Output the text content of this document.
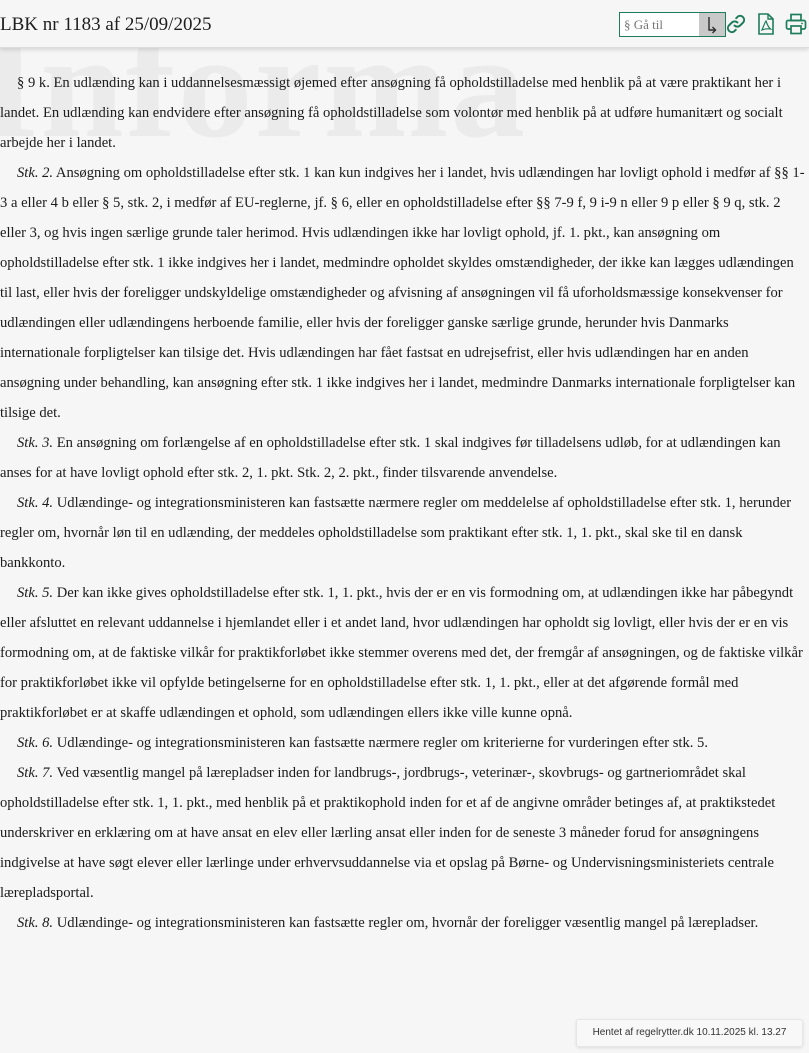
LBK nr 1183 af 25/09/2025
§ Gå til

§ 9 k. En udlænding kan i uddannelsesmæssigt øjemed efter ansøgning få opholdstilladelse med henblik på at være praktikant her i landet. En udlænding kan endvidere efter ansøgning få opholdstilladelse som volontør med henblik på at udføre humanitært og socialt arbejde her i landet.

Stk. 2. Ansøgning om opholdstilladelse efter stk. 1 kan kun indgives her i landet, hvis udlændingen har lovligt ophold i medfør af §§ 1-3 a eller 4 b eller § 5, stk. 2, i medfør af EU-reglerne, jf. § 6, eller en opholdstilladelse efter §§ 7-9 f, 9 i-9 n eller 9 p eller § 9 q, stk. 2 eller 3, og hvis ingen særlige grunde taler herimod. Hvis udlændingen ikke har lovligt ophold, jf. 1. pkt., kan ansøgning om opholdstilladelse efter stk. 1 ikke indgives her i landet, medmindre opholdet skyldes omstændigheder, der ikke kan lægges udlændingen til last, eller hvis der foreligger undskyldelige omstændigheder og afvisning af ansøgningen vil få uforholdsmæssige konsekvenser for udlændingen eller udlændingens herboende familie, eller hvis der foreligger ganske særlige grunde, herunder hvis Danmarks internationale forpligtelser kan tilsige det. Hvis udlændingen har fået fastsat en udrejsefrist, eller hvis udlændingen har en anden ansøgning under behandling, kan ansøgning efter stk. 1 ikke indgives her i landet, medmindre Danmarks internationale forpligtelser kan tilsige det.

Stk. 3. En ansøgning om forlængelse af en opholdstilladelse efter stk. 1 skal indgives før tilladelsens udløb, for at udlændingen kan anses for at have lovligt ophold efter stk. 2, 1. pkt. Stk. 2, 2. pkt., finder tilsvarende anvendelse.

Stk. 4. Udlændinge- og integrationsministeren kan fastsætte nærmere regler om meddelelse af opholdstilladelse efter stk. 1, herunder regler om, hvornår løn til en udlænding, der meddeles opholdstilladelse som praktikant efter stk. 1, 1. pkt., skal ske til en dansk bankkonto.

Stk. 5. Der kan ikke gives opholdstilladelse efter stk. 1, 1. pkt., hvis der er en vis formodning om, at udlændingen ikke har påbegyndt eller afsluttet en relevant uddannelse i hjemlandet eller i et andet land, hvor udlændingen har opholdt sig lovligt, eller hvis der er en vis formodning om, at de faktiske vilkår for praktikforløbet ikke stemmer overens med det, der fremgår af ansøgningen, og de faktiske vilkår for praktikforløbet ikke vil opfylde betingelserne for en opholdstilladelse efter stk. 1, 1. pkt., eller at det afgørende formål med praktikforløbet er at skaffe udlændingen et ophold, som udlændingen ellers ikke ville kunne opnå.

Stk. 6. Udlændinge- og integrationsministeren kan fastsætte nærmere regler om kriterierne for vurderingen efter stk. 5.

Stk. 7. Ved væsentlig mangel på lærepladser inden for landbrugs-, jordbrugs-, veterinær-, skovbrugs- og gartneriområdet skal opholdstilladelse efter stk. 1, 1. pkt., med henblik på et praktikophold inden for et af de angivne områder betinges af, at praktikstedet underskriver en erklæring om at have ansat en elev eller lærling ansat eller inden for de seneste 3 måneder forud for ansøgningens indgivelse at have søgt elever eller lærlinge under erhvervsuddannelse via et opslag på Børne- og Undervisningsministeriets centrale lærepladsportal.

Stk. 8. Udlændinge- og integrationsministeren kan fastsætte regler om, hvornår der foreligger væsentlig mangel på lærepladser.

Hentet af regelrytter.dk 10.11.2025 kl. 13.27
